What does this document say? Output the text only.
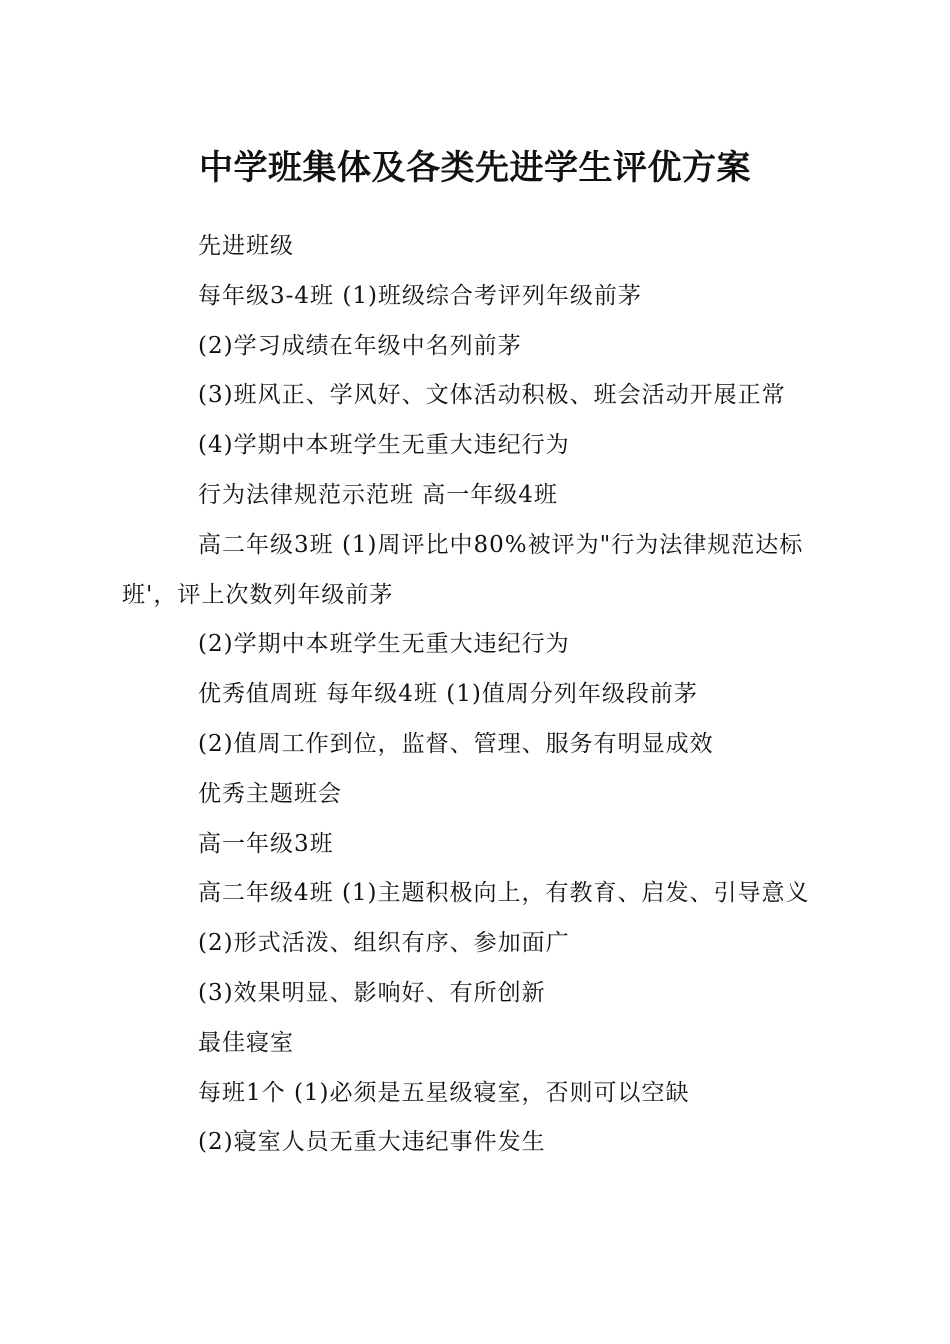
中学班集体及各类先进学生评优方案

先进班级

每年级3-4班 (1)班级综合考评列年级前茅

(2)学习成绩在年级中名列前茅

(3)班风正、学风好、文体活动积极、班会活动开展正常

(4)学期中本班学生无重大违纪行为

行为法律规范示范班 高一年级4班

高二年级3班 (1)周评比中80%被评为"行为法律规范达标班'，评上次数列年级前茅

(2)学期中本班学生无重大违纪行为

优秀值周班 每年级4班 (1)值周分列年级段前茅

(2)值周工作到位，监督、管理、服务有明显成效

优秀主题班会

高一年级3班

高二年级4班 (1)主题积极向上，有教育、启发、引导意义

(2)形式活泼、组织有序、参加面广

(3)效果明显、影响好、有所创新

最佳寝室

每班1个 (1)必须是五星级寝室，否则可以空缺

(2)寝室人员无重大违纪事件发生
